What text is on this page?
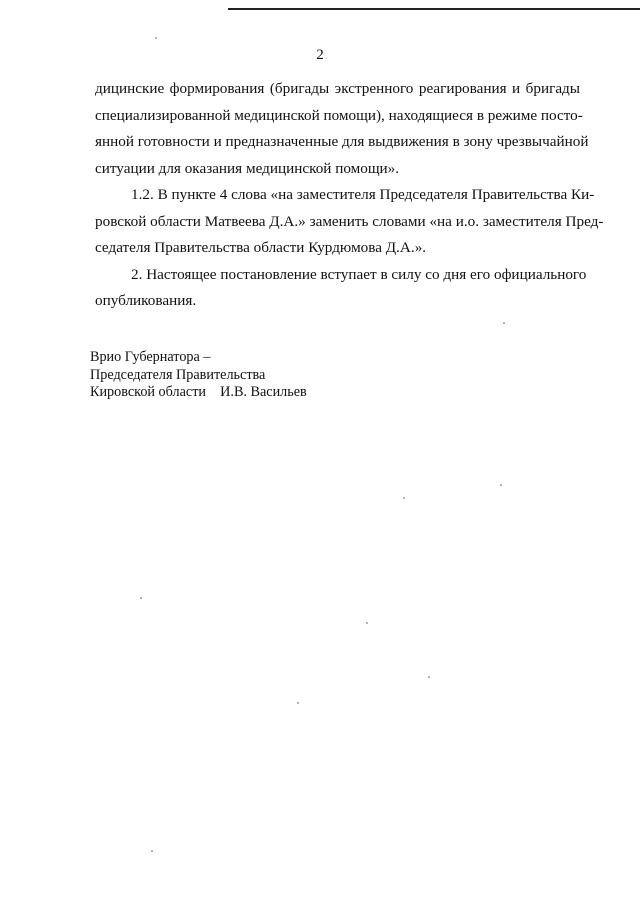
2
дицинские формирования (бригады экстренного реагирования и бригады
специализированной медицинской помощи), находящиеся в режиме посто-
янной готовности и предназначенные для выдвижения в зону чрезвычайной
ситуации для оказания медицинской помощи».
1.2. В пункте 4 слова «на заместителя Председателя Правительства Ки-
ровской области Матвеева Д.А.» заменить словами «на и.о. заместителя Пред-
седателя Правительства области Курдюмова Д.А.».
2. Настоящее постановление вступает в силу со дня его официального
опубликования.
Врио Губернатора –
Председателя Правительства
Кировской области    И.В. Васильев
